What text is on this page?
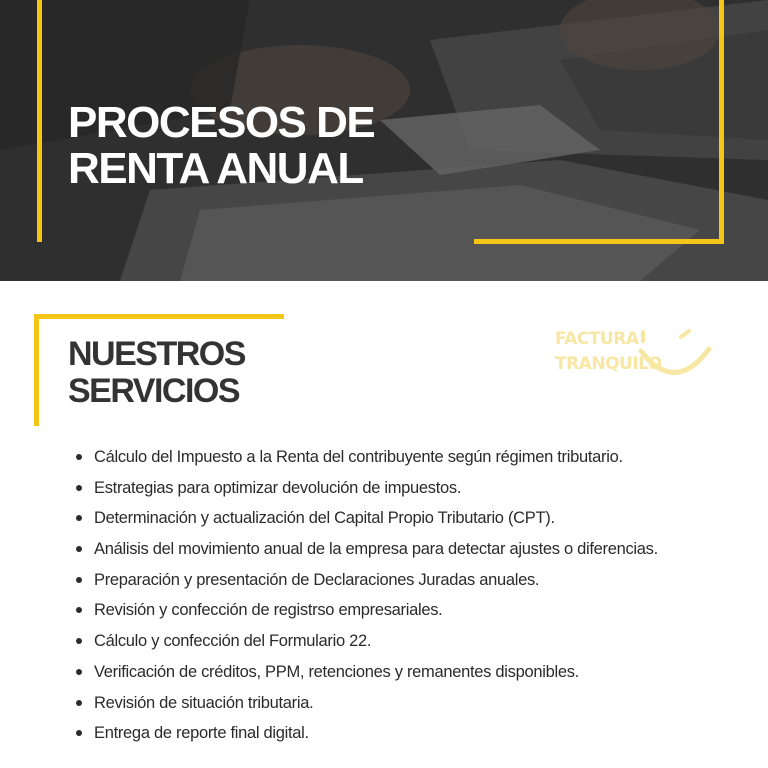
PROCESOS DE
RENTA ANUAL
NUESTROS
SERVICIOS
FACTURA
TRANQUILO
Cálculo del Impuesto a la Renta del contribuyente según régimen tributario.
Estrategias para optimizar devolución de impuestos.
Determinación y actualización del Capital Propio Tributario (CPT).
Análisis del movimiento anual de la empresa para detectar ajustes o diferencias.
Preparación y presentación de Declaraciones Juradas anuales.
Revisión y confección de registrso empresariales.
Cálculo y confección del Formulario 22.
Verificación de créditos, PPM, retenciones y remanentes disponibles.
Revisión de situación tributaria.
Entrega de reporte final digital.
